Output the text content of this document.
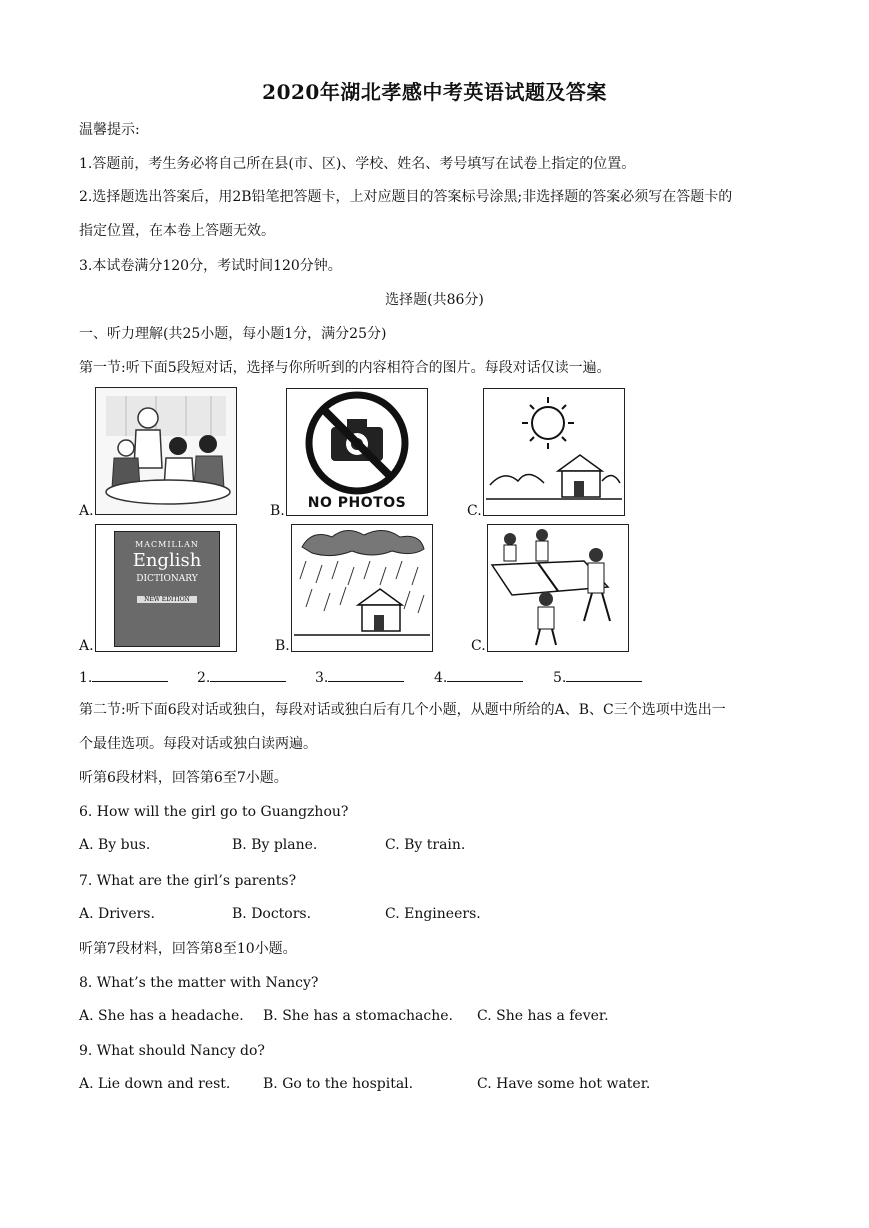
2020年湖北孝感中考英语试题及答案
温馨提示:
1.答题前，考生务必将自己所在县(市、区)、学校、姓名、考号填写在试卷上指定的位置。
2.选择题选出答案后，用2B铅笔把答题卡，上对应题目的答案标号涂黑;非选择题的答案必须写在答题卡的
指定位置，在本卷上答题无效。
3.本试卷满分120分，考试时间120分钟。
选择题(共86分)
一、听力理解(共25小题，每小题1分，满分25分)
第一节:听下面5段短对话，选择与你所听到的内容相符合的图片。每段对话仅读一遍。
A.	B.	NO PHOTOS	C.
A.
MACMILLAN
English
DICTIONARY
NEW EDITION
B.	C.
1.	2.	3.	4.	5.
第二节:听下面6段对话或独白，每段对话或独白后有几个小题，从题中所给的A、B、C三个选项中选出一
个最佳选项。每段对话或独白读两遍。
听第6段材料，回答第6至7小题。
6. How will the girl go to Guangzhou?
A. By bus.	B. By plane.	C. By train.
7. What are the girl’s parents?
A. Drivers.	B. Doctors.	C. Engineers.
听第7段材料，回答第8至10小题。
8. What’s the matter with Nancy?
A. She has a headache. B. She has a stomachache. C. She has a fever.
9. What should Nancy do?
A. Lie down and rest. B. Go to the hospital.	C. Have some hot water.
